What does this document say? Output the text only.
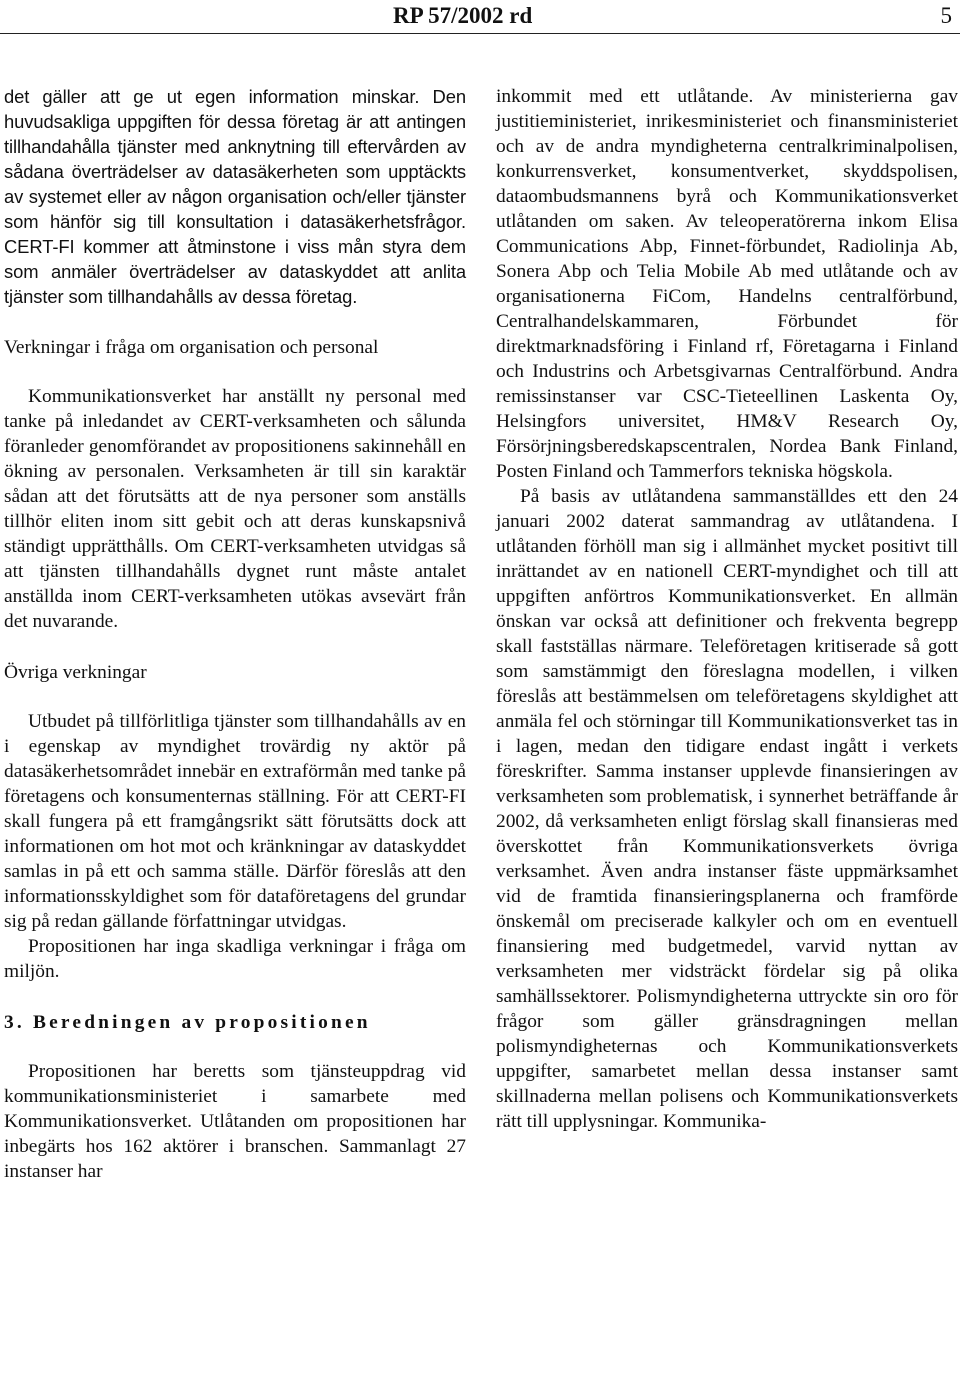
RP 57/2002 rd	5

det gäller att ge ut egen information minskar. Den huvudsakliga uppgiften för dessa företag är att antingen tillhandahålla tjänster med anknytning till eftervården av sådana överträdelser av datasäkerheten som upptäckts av systemet eller av någon organisation och/eller tjänster som hänför sig till konsultation i datasäkerhetsfrågor. CERT-FI kommer att åtminstone i viss mån styra dem som anmäler överträdelser av dataskyddet att anlita tjänster som tillhandahålls av dessa företag.

Verkningar i fråga om organisation och personal

Kommunikationsverket har anställt ny personal med tanke på inledandet av CERT-verksamheten och sålunda föranleder genomförandet av propositionens sakinnehåll en ökning av personalen. Verksamheten är till sin karaktär sådan att det förutsätts att de nya personer som anställs tillhör eliten inom sitt gebit och att deras kunskapsnivå ständigt upprätthålls. Om CERT-verksamheten utvidgas så att tjänsten tillhandahålls dygnet runt måste antalet anställda inom CERT-verksamheten utökas avsevärt från det nuvarande.

Övriga verkningar

Utbudet på tillförlitliga tjänster som tillhandahålls av en i egenskap av myndighet trovärdig ny aktör på datasäkerhetsområdet innebär en extraförmån med tanke på företagens och konsumenternas ställning. För att CERT-FI skall fungera på ett framgångsrikt sätt förutsätts dock att informationen om hot mot och kränkningar av dataskyddet samlas in på ett och samma ställe. Därför föreslås att den informationsskyldighet som för dataföretagens del grundar sig på redan gällande författningar utvidgas.

Propositionen har inga skadliga verkningar i fråga om miljön.

3. Beredningen av propositionen

Propositionen har beretts som tjänsteuppdrag vid kommunikationsministeriet i samarbete med Kommunikationsverket. Utlåtanden om propositionen har inbegärts hos 162 aktörer i branschen. Sammanlagt 27 instanser har

inkommit med ett utlåtande. Av ministerierna gav justitieministeriet, inrikesministeriet och finansministeriet och av de andra myndigheterna centralkriminalpolisen, konkurrensverket, konsumentverket, skyddspolisen, dataombudsmannens byrå och Kommunikationsverket utlåtanden om saken. Av teleoperatörerna inkom Elisa Communications Abp, Finnet-förbundet, Radiolinja Ab, Sonera Abp och Telia Mobile Ab med utlåtande och av organisationerna FiCom, Handelns centralförbund, Centralhandelskammaren, Förbundet för direktmarknadsföring i Finland rf, Företagarna i Finland och Industrins och Arbetsgivarnas Centralförbund. Andra remissinstanser var CSC-Tieteellinen Laskenta Oy, Helsingfors universitet, HM&V Research Oy, Försörjningsberedskapscentralen, Nordea Bank Finland, Posten Finland och Tammerfors tekniska högskola.

På basis av utlåtandena sammanställdes ett den 24 januari 2002 daterat sammandrag av utlåtandena. I utlåtanden förhöll man sig i allmänhet mycket positivt till inrättandet av en nationell CERT-myndighet och till att uppgiften anförtros Kommunikationsverket. En allmän önskan var också att definitioner och frekventa begrepp skall fastställas närmare. Teleföretagen kritiserade så gott som samstämmigt den föreslagna modellen, i vilken föreslås att bestämmelsen om teleföretagens skyldighet att anmäla fel och störningar till Kommunikationsverket tas in i lagen, medan den tidigare endast ingått i verkets föreskrifter. Samma instanser upplevde finansieringen av verksamheten som problematisk, i synnerhet beträffande år 2002, då verksamheten enligt förslag skall finansieras med överskottet från Kommunikationsverkets övriga verksamhet. Även andra instanser fäste uppmärksamhet vid de framtida finansieringsplanerna och framförde önskemål om preciserade kalkyler och om en eventuell finansiering med budgetmedel, varvid nyttan av verksamheten mer vidsträckt fördelar sig på olika samhällssektorer. Polismyndigheterna uttryckte sin oro för frågor som gäller gränsdragningen mellan polismyndigheternas och Kommunikationsverkets uppgifter, samarbetet mellan dessa instanser samt skillnaderna mellan polisens och Kommunikationsverkets rätt till upplysningar. Kommunika-
